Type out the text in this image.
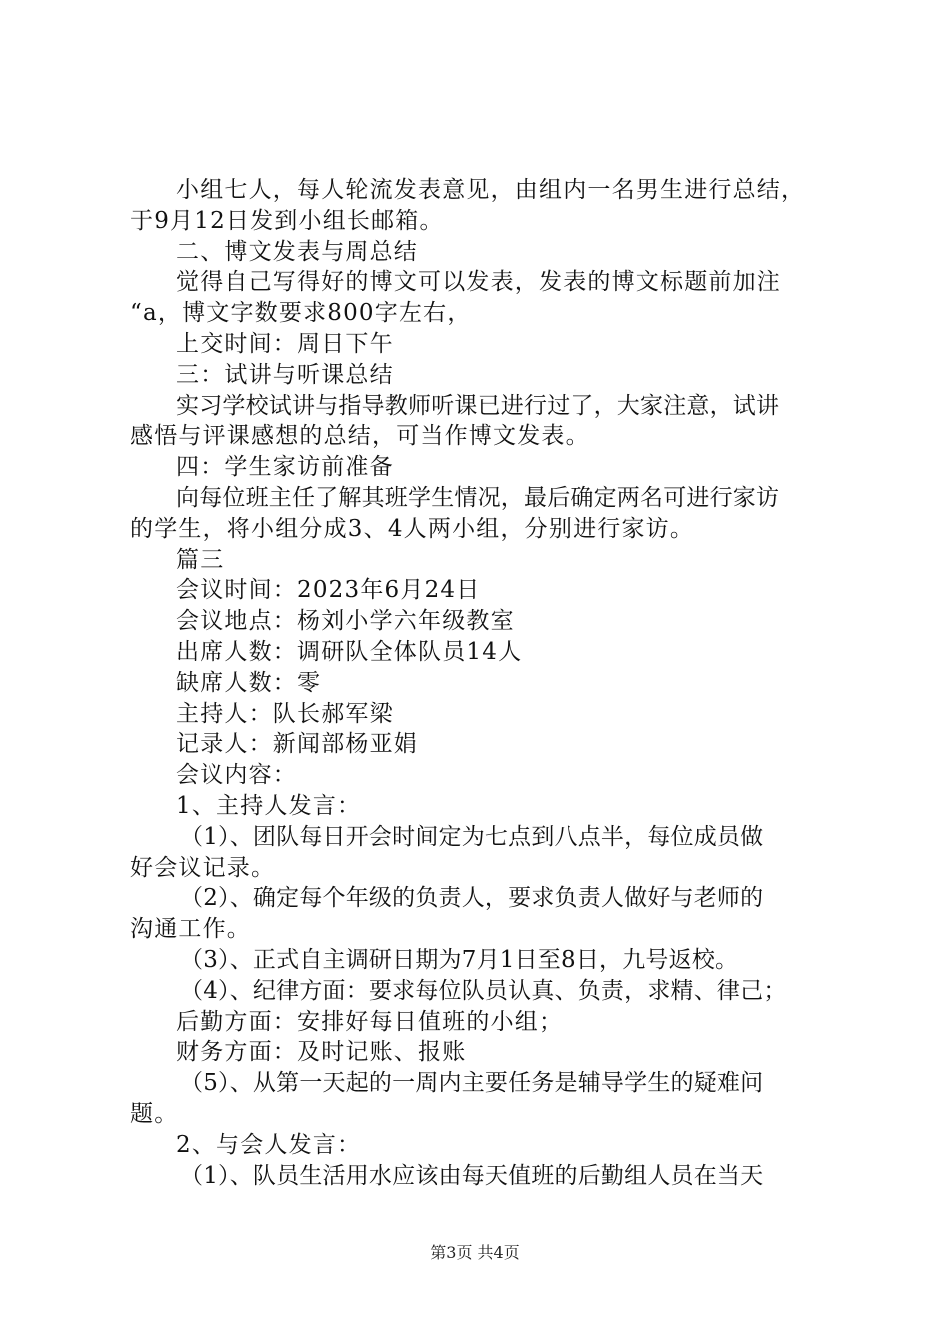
小组七人，每人轮流发表意见，由组内一名男生进行总结，
于9月12日发到小组长邮箱。
二、博文发表与周总结
觉得自己写得好的博文可以发表，发表的博文标题前加注
“a，博文字数要求800字左右，
上交时间：周日下午
三：试讲与听课总结
实习学校试讲与指导教师听课已进行过了，大家注意，试讲
感悟与评课感想的总结，可当作博文发表。
四：学生家访前准备
向每位班主任了解其班学生情况，最后确定两名可进行家访
的学生，将小组分成3、4人两小组，分别进行家访。
篇三
会议时间：2023年6月24日
会议地点：杨刘小学六年级教室
出席人数：调研队全体队员14人
缺席人数：零
主持人：队长郝军梁
记录人：新闻部杨亚娟
会议内容：
1、主持人发言：
（1）、团队每日开会时间定为七点到八点半，每位成员做
好会议记录。
（2）、确定每个年级的负责人，要求负责人做好与老师的
沟通工作。
（3）、正式自主调研日期为7月1日至8日，九号返校。
（4）、纪律方面：要求每位队员认真、负责，求精、律己；
后勤方面：安排好每日值班的小组；
财务方面：及时记账、报账
（5）、从第一天起的一周内主要任务是辅导学生的疑难问
题。
2、与会人发言：
（1）、队员生活用水应该由每天值班的后勤组人员在当天
第3页 共4页
